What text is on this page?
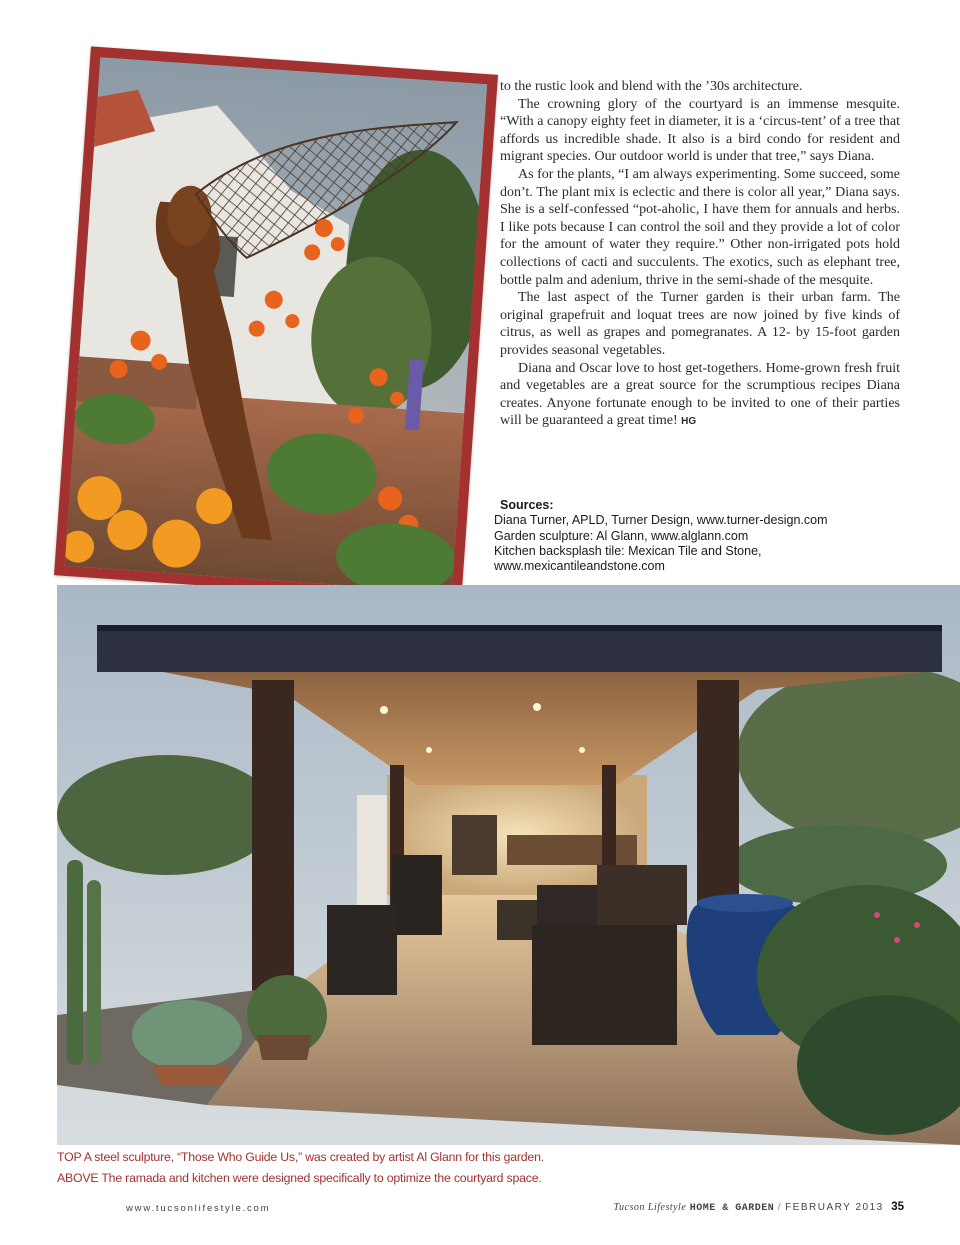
to the rustic look and blend with the ’30s architecture.

The crowning glory of the courtyard is an immense mesquite. “With a canopy eighty feet in diameter, it is a ‘circus-tent’ of a tree that affords us incredible shade. It also is a bird condo for resident and migrant species. Our outdoor world is under that tree,” says Diana.

As for the plants, “I am always experimenting. Some succeed, some don’t. The plant mix is eclectic and there is color all year,” Diana says. She is a self-confessed “pot-aholic, I have them for annuals and herbs. I like pots because I can control the soil and they provide a lot of color for the amount of water they require.” Other non-irrigated pots hold collections of cacti and succulents. The exotics, such as elephant tree, bottle palm and adenium, thrive in the semi-shade of the mesquite.

The last aspect of the Turner garden is their urban farm. The original grapefruit and loquat trees are now joined by five kinds of citrus, as well as grapes and pomegranates. A 12- by 15-foot garden provides seasonal vegetables.

Diana and Oscar love to host get-togethers. Home-grown fresh fruit and vegetables are a great source for the scrumptious recipes Diana creates. Anyone fortunate enough to be invited to one of their parties will be guaranteed a great time! HG

Sources:
Diana Turner, APLD, Turner Design, www.turner-design.com
Garden sculpture: Al Glann, www.alglann.com
Kitchen backsplash tile: Mexican Tile and Stone,
www.mexicantileandstone.com
TOP A steel sculpture, “Those Who Guide Us,” was created by artist Al Glann for this garden.
ABOVE The ramada and kitchen were designed specifically to optimize the courtyard space.
www.tucsonlifestyle.com	Tucson Lifestyle HOME & GARDEN / FEBRUARY 2013 35
